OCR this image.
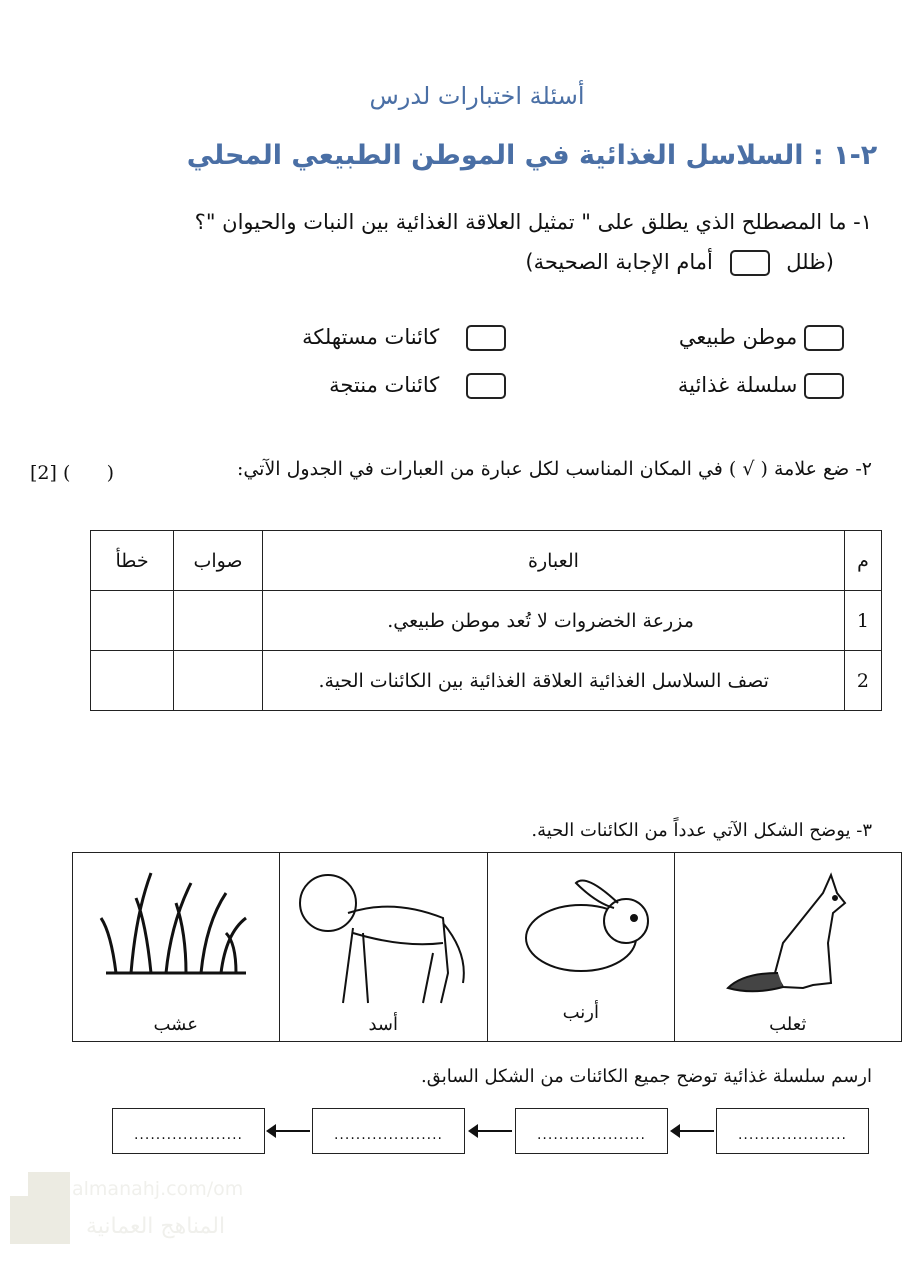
أسئلة اختبارات لدرس
٢-١ : السلاسل الغذائية في الموطن الطبيعي المحلي
١- ما المصطلح الذي يطلق على " تمثيل العلاقة الغذائية بين النبات والحيوان "؟
(ظلل  أمام الإجابة الصحيحة)
موطن طبيعي
كائنات مستهلكة
سلسلة غذائية
كائنات منتجة
٢- ضع علامة ( √ ) في المكان المناسب لكل عبارة من العبارات في الجدول الآتي:
[2] (      )
م	العبارة	صواب	خطأ
1	مزرعة الخضروات لا تُعد موطن طبيعي.		
2	تصف السلاسل الغذائية العلاقة الغذائية بين الكائنات الحية.		
٣- يوضح الشكل الآتي عدداً من الكائنات الحية.
ثعلب
أرنب
أسد
عشب
ارسم سلسلة غذائية توضح جميع الكائنات من الشكل السابق.
....................
....................
....................
....................
almanahj.com/om
المناهج العمانية
